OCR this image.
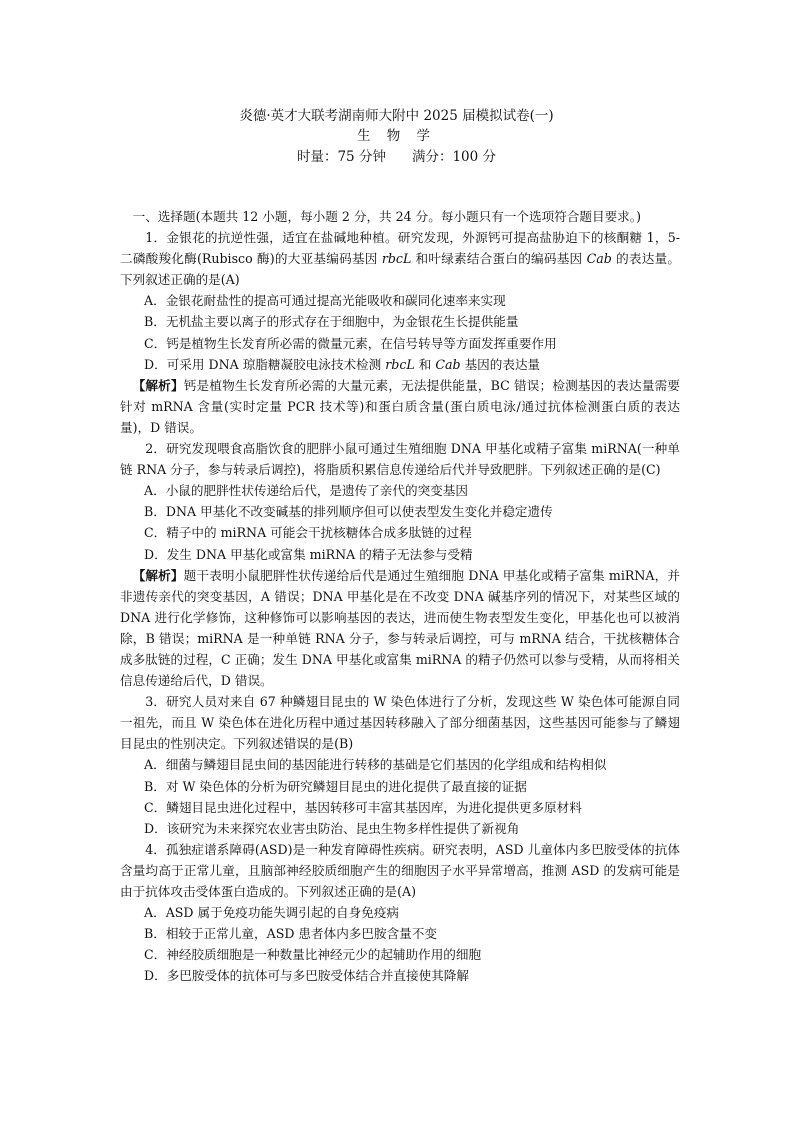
炎德·英才大联考湖南师大附中 2025 届模拟试卷(一)
生 物 学
时量：75 分钟 满分：100 分

一、选择题(本题共 12 小题，每小题 2 分，共 24 分。每小题只有一个选项符合题目要求。)

1．金银花的抗逆性强，适宜在盐碱地种植。研究发现，外源钙可提高盐胁迫下的核酮糖 1，5-二磷酸羧化酶(Rubisco 酶)的大亚基编码基因 rbcL 和叶绿素结合蛋白的编码基因 Cab 的表达量。下列叙述正确的是(A)

A．金银花耐盐性的提高可通过提高光能吸收和碳同化速率来实现

B．无机盐主要以离子的形式存在于细胞中，为金银花生长提供能量

C．钙是植物生长发育所必需的微量元素，在信号转导等方面发挥重要作用

D．可采用 DNA 琼脂糖凝胶电泳技术检测 rbcL 和 Cab 基因的表达量

【解析】钙是植物生长发育所必需的大量元素，无法提供能量，BC 错误；检测基因的表达量需要针对 mRNA 含量(实时定量 PCR 技术等)和蛋白质含量(蛋白质电泳/通过抗体检测蛋白质的表达量)，D 错误。

2．研究发现喂食高脂饮食的肥胖小鼠可通过生殖细胞 DNA 甲基化或精子富集 miRNA(一种单链 RNA 分子，参与转录后调控)，将脂质积累信息传递给后代并导致肥胖。下列叙述正确的是(C)

A．小鼠的肥胖性状传递给后代，是遗传了亲代的突变基因

B．DNA 甲基化不改变碱基的排列顺序但可以使表型发生变化并稳定遗传

C．精子中的 miRNA 可能会干扰核糖体合成多肽链的过程

D．发生 DNA 甲基化或富集 miRNA 的精子无法参与受精

【解析】题干表明小鼠肥胖性状传递给后代是通过生殖细胞 DNA 甲基化或精子富集 miRNA，并非遗传亲代的突变基因，A 错误；DNA 甲基化是在不改变 DNA 碱基序列的情况下，对某些区域的 DNA 进行化学修饰，这种修饰可以影响基因的表达，进而使生物表型发生变化，甲基化也可以被消除，B 错误；miRNA 是一种单链 RNA 分子，参与转录后调控，可与 mRNA 结合，干扰核糖体合成多肽链的过程，C 正确；发生 DNA 甲基化或富集 miRNA 的精子仍然可以参与受精，从而将相关信息传递给后代，D 错误。

3．研究人员对来自 67 种鳞翅目昆虫的 W 染色体进行了分析，发现这些 W 染色体可能源自同一祖先，而且 W 染色体在进化历程中通过基因转移融入了部分细菌基因，这些基因可能参与了鳞翅目昆虫的性别决定。下列叙述错误的是(B)

A．细菌与鳞翅目昆虫间的基因能进行转移的基础是它们基因的化学组成和结构相似

B．对 W 染色体的分析为研究鳞翅目昆虫的进化提供了最直接的证据

C．鳞翅目昆虫进化过程中，基因转移可丰富其基因库，为进化提供更多原材料

D．该研究为未来探究农业害虫防治、昆虫生物多样性提供了新视角

4．孤独症谱系障碍(ASD)是一种发育障碍性疾病。研究表明，ASD 儿童体内多巴胺受体的抗体含量均高于正常儿童，且脑部神经胶质细胞产生的细胞因子水平异常增高，推测 ASD 的发病可能是由于抗体攻击受体蛋白造成的。下列叙述正确的是(A)

A．ASD 属于免疫功能失调引起的自身免疫病

B．相较于正常儿童，ASD 患者体内多巴胺含量不变

C．神经胶质细胞是一种数量比神经元少的起辅助作用的细胞

D．多巴胺受体的抗体可与多巴胺受体结合并直接使其降解
